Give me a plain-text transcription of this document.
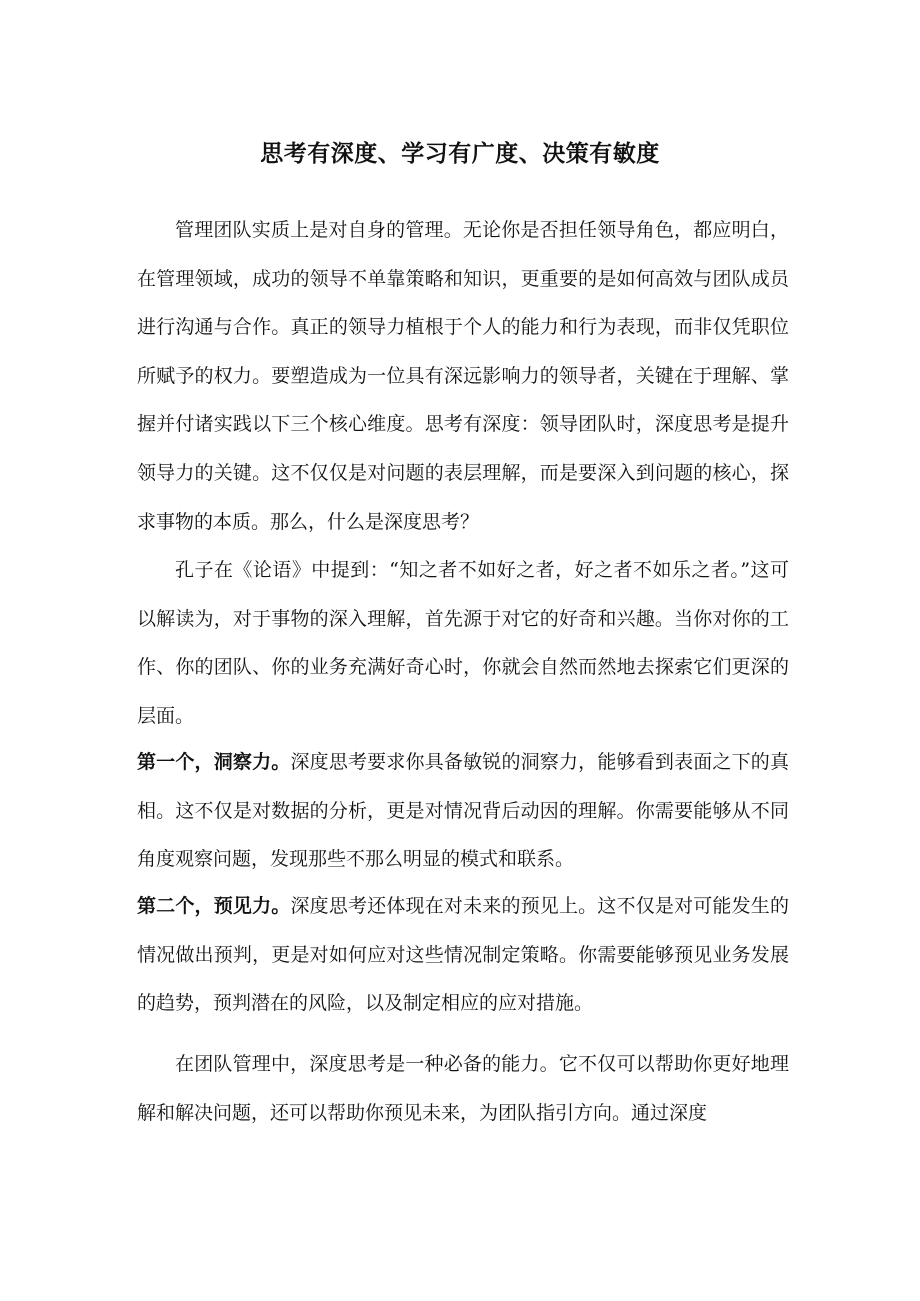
思考有深度、学习有广度、决策有敏度

管理团队实质上是对自身的管理。无论你是否担任领导角色，都应明白，在管理领域，成功的领导不单靠策略和知识，更重要的是如何高效与团队成员进行沟通与合作。真正的领导力植根于个人的能力和行为表现，而非仅凭职位所赋予的权力。要塑造成为一位具有深远影响力的领导者，关键在于理解、掌握并付诸实践以下三个核心维度。思考有深度：领导团队时，深度思考是提升领导力的关键。这不仅仅是对问题的表层理解，而是要深入到问题的核心，探求事物的本质。那么，什么是深度思考？

孔子在《论语》中提到：“知之者不如好之者，好之者不如乐之者。”这可以解读为，对于事物的深入理解，首先源于对它的好奇和兴趣。当你对你的工作、你的团队、你的业务充满好奇心时，你就会自然而然地去探索它们更深的层面。

第一个，洞察力。深度思考要求你具备敏锐的洞察力，能够看到表面之下的真相。这不仅是对数据的分析，更是对情况背后动因的理解。你需要能够从不同角度观察问题，发现那些不那么明显的模式和联系。

第二个，预见力。深度思考还体现在对未来的预见上。这不仅是对可能发生的情况做出预判，更是对如何应对这些情况制定策略。你需要能够预见业务发展的趋势，预判潜在的风险，以及制定相应的应对措施。

在团队管理中，深度思考是一种必备的能力。它不仅可以帮助你更好地理解和解决问题，还可以帮助你预见未来，为团队指引方向。通过深度
